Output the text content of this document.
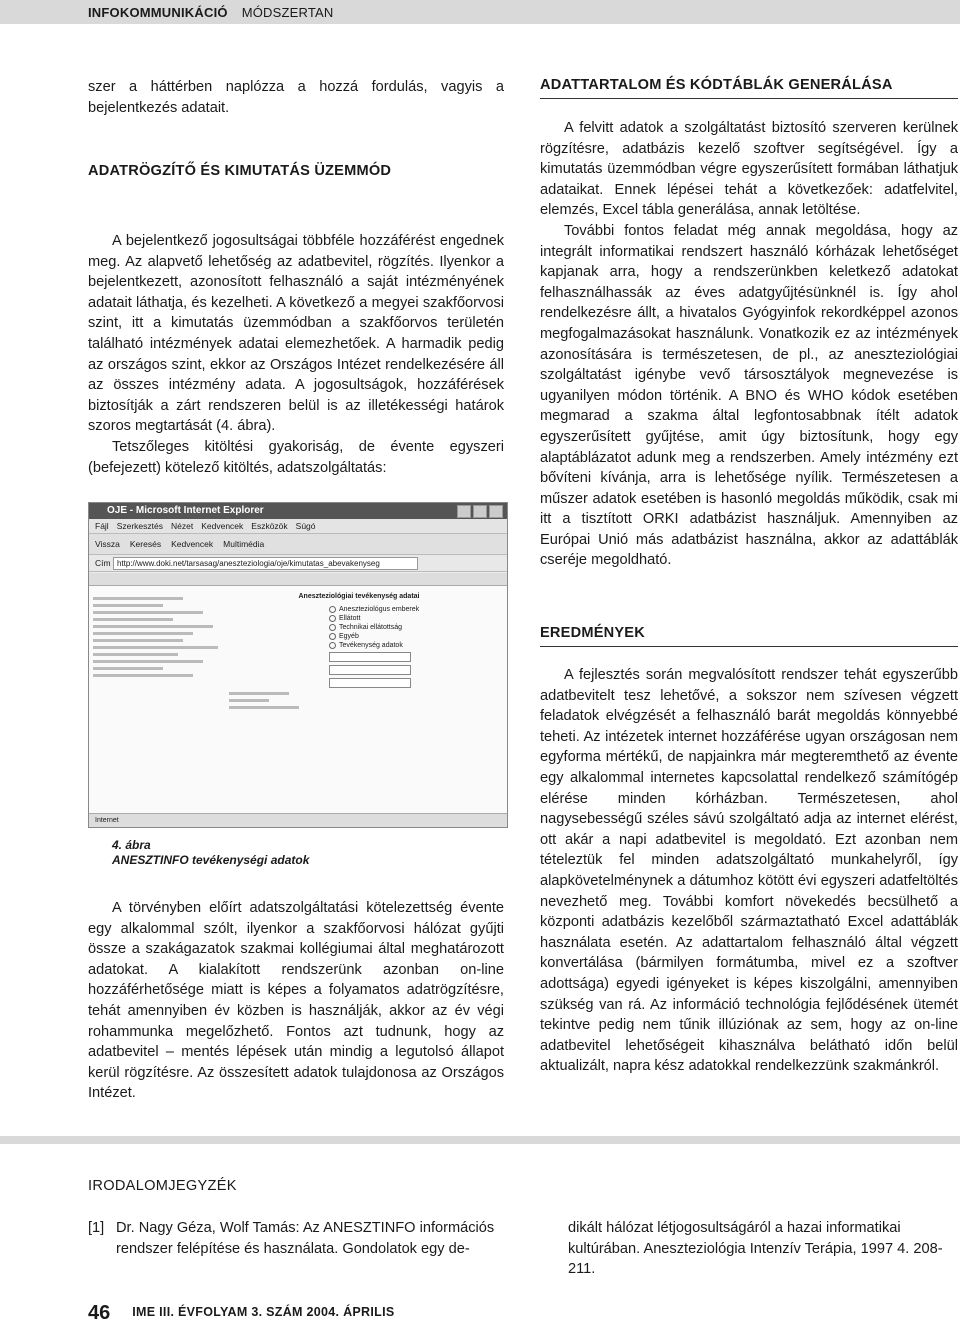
INFOKOMMUNIKÁCIÓ MÓDSZERTAN

szer a háttérben naplózza a hozzá fordulás, vagyis a bejelentkezés adatait.

ADATRÖGZÍTŐ ÉS KIMUTATÁS ÜZEMMÓD

A bejelentkező jogosultságai többféle hozzáférést engednek meg. Az alapvető lehetőség az adatbevitel, rögzítés. Ilyenkor a bejelentkezett, azonosított felhasználó a saját intézményének adatait láthatja, és kezelheti. A következő a megyei szakfőorvosi szint, itt a kimutatás üzemmódban a szakfőorvos területén található intézmények adatai elemezhetőek. A harmadik pedig az országos szint, ekkor az Országos Intézet rendelkezésére áll az összes intézmény adata. A jogosultságok, hozzáférések biztosítják a zárt rendszeren belül is az illetékességi határok szoros megtartását (4. ábra).

Tetszőleges kitöltési gyakoriság, de évente egyszeri (befejezett) kötelező kitöltés, adatszolgáltatás:

OJE - Microsoft Internet Explorer
Fájl Szerkesztés Nézet Kedvencek Eszközök Súgó
Vissza Keresés Kedvencek Multimédia
Cím http://www.doki.net/tarsasag/aneszteziologia/oje/kimutatas_abevakenyseg
Aneszteziológiai tevékenység adatai
Aneszteziológus emberek
Ellátott
Technikai ellátottság
Egyéb
Tevékenység adatok
Internet
4. ábra
ANESZTINFO tevékenységi adatok

A törvényben előírt adatszolgáltatási kötelezettség évente egy alkalommal szólt, ilyenkor a szakfőorvosi hálózat gyűjti össze a szakágazatok szakmai kollégiumai által meghatározott adatokat. A kialakított rendszerünk azonban on-line hozzáférhetősége miatt is képes a folyamatos adatrögzítésre, tehát amennyiben év közben is használják, akkor az év végi rohammunka megelőzhető. Fontos azt tudnunk, hogy az adatbevitel – mentés lépések után mindig a legutolsó állapot kerül rögzítésre. Az összesített adatok tulajdonosa az Országos Intézet.

ADATTARTALOM ÉS KÓDTÁBLÁK GENERÁLÁSA

A felvitt adatok a szolgáltatást biztosító szerveren kerülnek rögzítésre, adatbázis kezelő szoftver segítségével. Így a kimutatás üzemmódban végre egyszerűsített formában láthatjuk adataikat. Ennek lépései tehát a következőek: adatfelvitel, elemzés, Excel tábla generálása, annak letöltése.

További fontos feladat még annak megoldása, hogy az integrált informatikai rendszert használó kórházak lehetőséget kapjanak arra, hogy a rendszerünkben keletkező adatokat felhasználhassák az éves adatgyűjtésünknél is. Így ahol rendelkezésre állt, a hivatalos Gyógyinfok rekordképpel azonos megfogalmazásokat használunk. Vonatkozik ez az intézmények azonosítására is természetesen, de pl., az aneszteziológiai szolgáltatást igénybe vevő társosztályok megnevezése is ugyanilyen módon történik. A BNO és WHO kódok esetében megmarad a szakma által legfontosabbnak ítélt adatok egyszerűsített gyűjtése, amit úgy biztosítunk, hogy egy alaptáblázatot adunk meg a rendszerben. Amely intézmény ezt bővíteni kívánja, arra is lehetősége nyílik. Természetesen a műszer adatok esetében is hasonló megoldás működik, csak mi itt a tisztított ORKI adatbázist használjuk. Amennyiben az Európai Unió más adatbázist használna, akkor az adattáblák cseréje megoldható.

EREDMÉNYEK

A fejlesztés során megvalósított rendszer tehát egyszerűbb adatbevitelt tesz lehetővé, a sokszor nem szívesen végzett feladatok elvégzését a felhasználó barát megoldás könnyebbé teheti. Az intézetek internet hozzáférése ugyan országosan nem egyforma mértékű, de napjainkra már megteremthető az évente egy alkalommal internetes kapcsolattal rendelkező számítógép elérése minden kórházban. Természetesen, ahol nagysebességű széles sávú szolgáltató adja az internet elérést, ott akár a napi adatbevitel is megoldató. Ezt azonban nem tételeztük fel minden adatszolgáltató munkahelyről, így alapkövetelménynek a dátumhoz kötött évi egyszeri adatfeltöltés nevezhető meg. További komfort növekedés becsülhető a központi adatbázis kezelőből származtatható Excel adattáblák használata esetén. Az adattartalom felhasználó által végzett konvertálása (bármilyen formátumba, mivel ez a szoftver adottsága) egyedi igényeket is képes kiszolgálni, amennyiben szükség van rá. Az információ technológia fejlődésének ütemét tekintve pedig nem tűnik illúziónak az sem, hogy az on-line adatbevitel lehetőségeit kihasználva belátható időn belül aktualizált, napra kész adatokkal rendelkezzünk szakmánkról.

IRODALOMJEGYZÉK
[1] Dr. Nagy Géza, Wolf Tamás: Az ANESZTINFO információs rendszer felépítése és használata. Gondolatok egy de-
dikált hálózat létjogosultságáról a hazai informatikai kultúrában. Aneszteziológia Intenzív Terápia, 1997 4. 208-211.
46 IME III. ÉVFOLYAM 3. SZÁM 2004. ÁPRILIS
